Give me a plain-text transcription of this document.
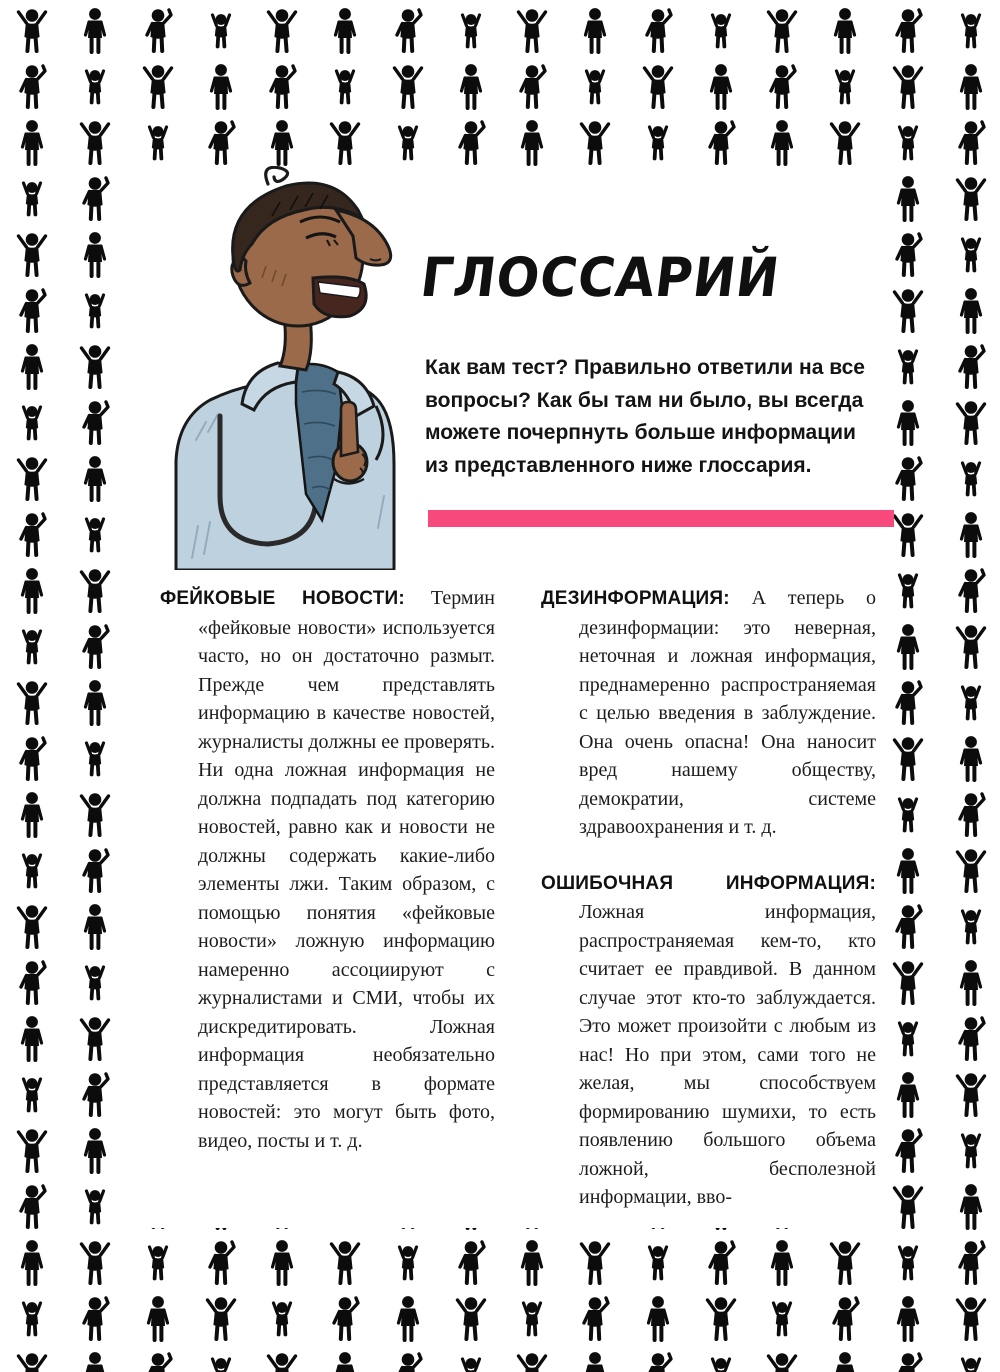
ГЛОССАРИЙ

Как вам тест? Правильно ответили на все вопросы? Как бы там ни было, вы всегда можете почерпнуть больше информации из представленного ниже глоссария.

ФЕЙКОВЫЕ НОВОСТИ: Термин «фейковые новости» используется часто, но он достаточно размыт. Прежде чем представлять информацию в качестве новостей, журналисты должны ее проверять. Ни одна ложная информация не должна подпадать под категорию новостей, равно как и новости не должны содержать какие-либо элементы лжи. Таким образом, с помощью понятия «фейковые новости» ложную информацию намеренно ассоциируют с журналистами и СМИ, чтобы их дискредитировать. Ложная информация необязательно представляется в формате новостей: это могут быть фото, видео, посты и т. д.

ДЕЗИНФОРМАЦИЯ: А теперь о дезинформации: это неверная, неточная и ложная информация, преднамеренно распространяемая с целью введения в заблуждение. Она очень опасна! Она наносит вред нашему обществу, демократии, системе здравоохранения и т. д.

ОШИБОЧНАЯ ИНФОРМАЦИЯ: Ложная информация, распространяемая кем-то, кто считает ее правдивой. В данном случае этот кто-то заблуждается. Это может произойти с любым из нас! Но при этом, сами того не желая, мы способствуем формированию шумихи, то есть появлению большого объема ложной, бесполезной информации, вво-
